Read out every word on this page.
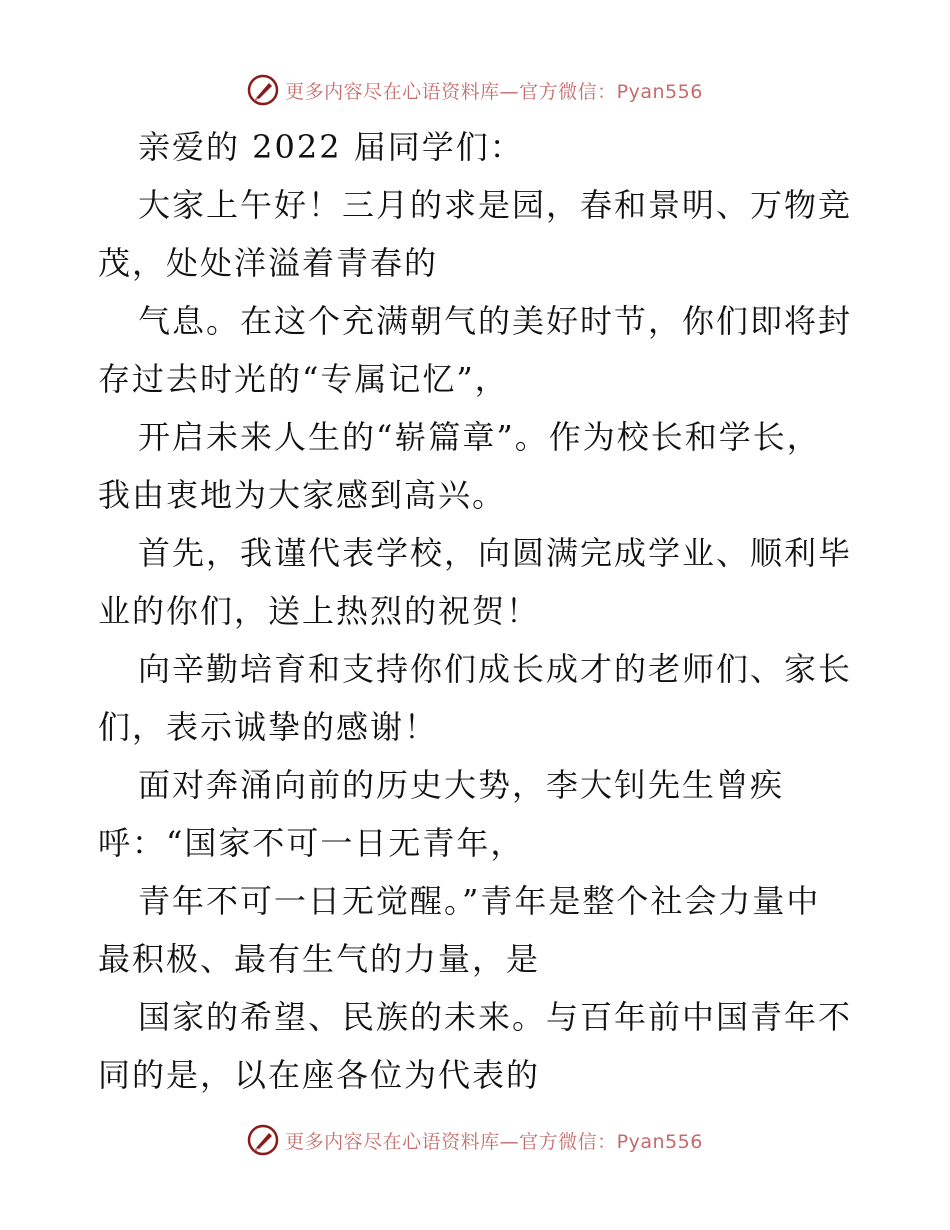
更多内容尽在心语资料库—官方微信：Pyan556
亲爱的 2022 届同学们：
大家上午好！三月的求是园，春和景明、万物竞
茂，处处洋溢着青春的
气息。在这个充满朝气的美好时节，你们即将封
存过去时光的“专属记忆”，
开启未来人生的“崭篇章”。作为校长和学长，
我由衷地为大家感到高兴。
首先，我谨代表学校，向圆满完成学业、顺利毕
业的你们，送上热烈的祝贺！
向辛勤培育和支持你们成长成才的老师们、家长
们，表示诚挚的感谢！
面对奔涌向前的历史大势，李大钊先生曾疾
呼：“国家不可一日无青年，
青年不可一日无觉醒。”青年是整个社会力量中
最积极、最有生气的力量，是
国家的希望、民族的未来。与百年前中国青年不
同的是，以在座各位为代表的
更多内容尽在心语资料库—官方微信：Pyan556
